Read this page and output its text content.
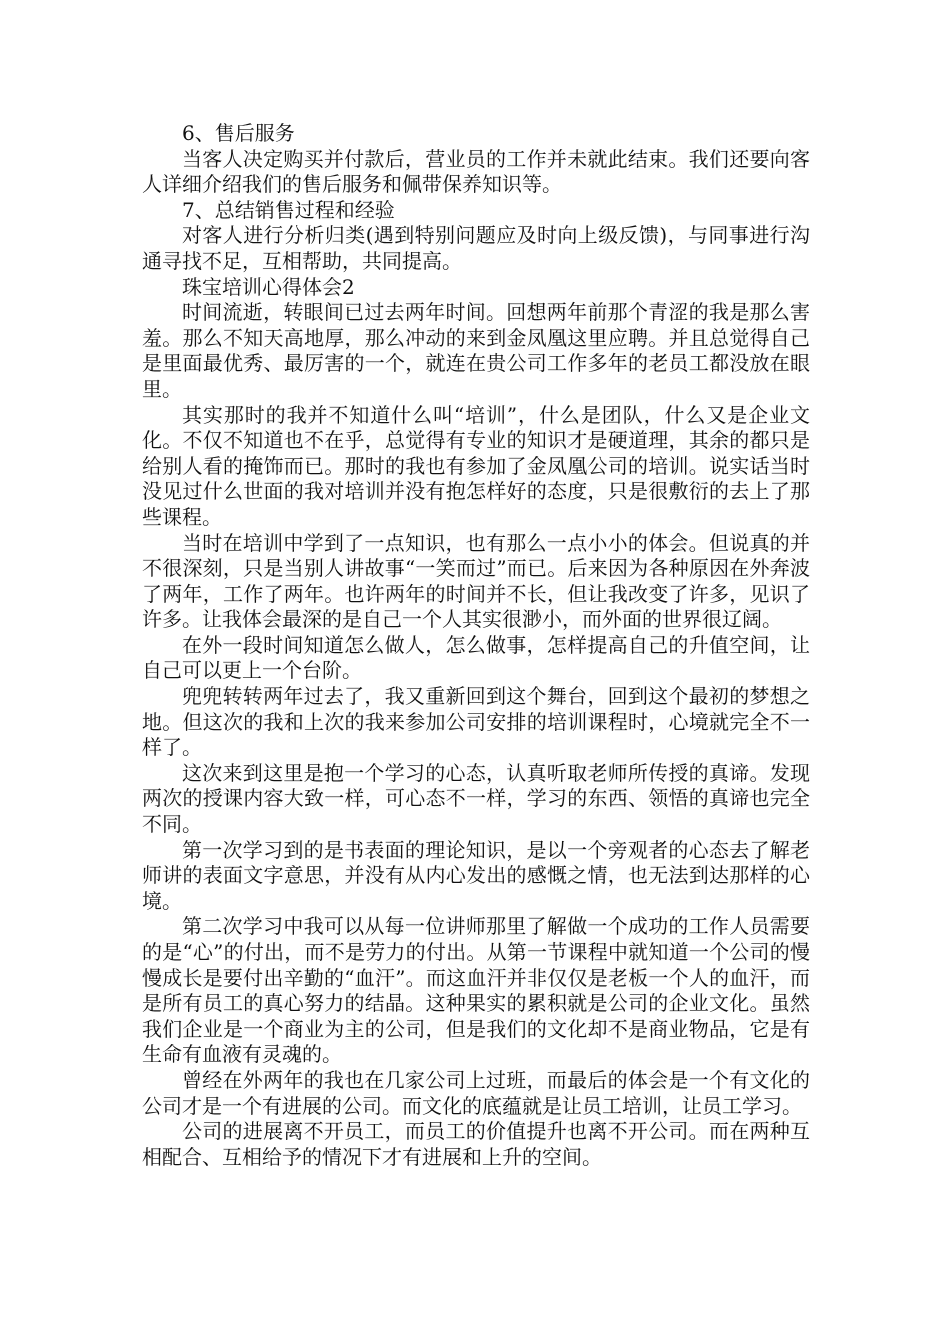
6、售后服务

当客人决定购买并付款后，营业员的工作并未就此结束。我们还要向客人详细介绍我们的售后服务和佩带保养知识等。

7、总结销售过程和经验

对客人进行分析归类(遇到特别问题应及时向上级反馈)，与同事进行沟通寻找不足，互相帮助，共同提高。

珠宝培训心得体会2

时间流逝，转眼间已过去两年时间。回想两年前那个青涩的我是那么害羞。那么不知天高地厚，那么冲动的来到金凤凰这里应聘。并且总觉得自己是里面最优秀、最厉害的一个，就连在贵公司工作多年的老员工都没放在眼里。

其实那时的我并不知道什么叫“培训”，什么是团队，什么又是企业文化。不仅不知道也不在乎，总觉得有专业的知识才是硬道理，其余的都只是给别人看的掩饰而已。那时的我也有参加了金凤凰公司的培训。说实话当时没见过什么世面的我对培训并没有抱怎样好的态度，只是很敷衍的去上了那些课程。

当时在培训中学到了一点知识，也有那么一点小小的体会。但说真的并不很深刻，只是当别人讲故事“一笑而过”而已。后来因为各种原因在外奔波了两年，工作了两年。也许两年的时间并不长，但让我改变了许多，见识了许多。让我体会最深的是自己一个人其实很渺小，而外面的世界很辽阔。

在外一段时间知道怎么做人，怎么做事，怎样提高自己的升值空间，让自己可以更上一个台阶。

兜兜转转两年过去了，我又重新回到这个舞台，回到这个最初的梦想之地。但这次的我和上次的我来参加公司安排的培训课程时，心境就完全不一样了。

这次来到这里是抱一个学习的心态，认真听取老师所传授的真谛。发现两次的授课内容大致一样，可心态不一样，学习的东西、领悟的真谛也完全不同。

第一次学习到的是书表面的理论知识，是以一个旁观者的心态去了解老师讲的表面文字意思，并没有从内心发出的感慨之情，也无法到达那样的心境。

第二次学习中我可以从每一位讲师那里了解做一个成功的工作人员需要的是“心”的付出，而不是劳力的付出。从第一节课程中就知道一个公司的慢慢成长是要付出辛勤的“血汗”。而这血汗并非仅仅是老板一个人的血汗，而是所有员工的真心努力的结晶。这种果实的累积就是公司的企业文化。虽然我们企业是一个商业为主的公司，但是我们的文化却不是商业物品，它是有生命有血液有灵魂的。

曾经在外两年的我也在几家公司上过班，而最后的体会是一个有文化的公司才是一个有进展的公司。而文化的底蕴就是让员工培训，让员工学习。

公司的进展离不开员工，而员工的价值提升也离不开公司。而在两种互相配合、互相给予的情况下才有进展和上升的空间。
